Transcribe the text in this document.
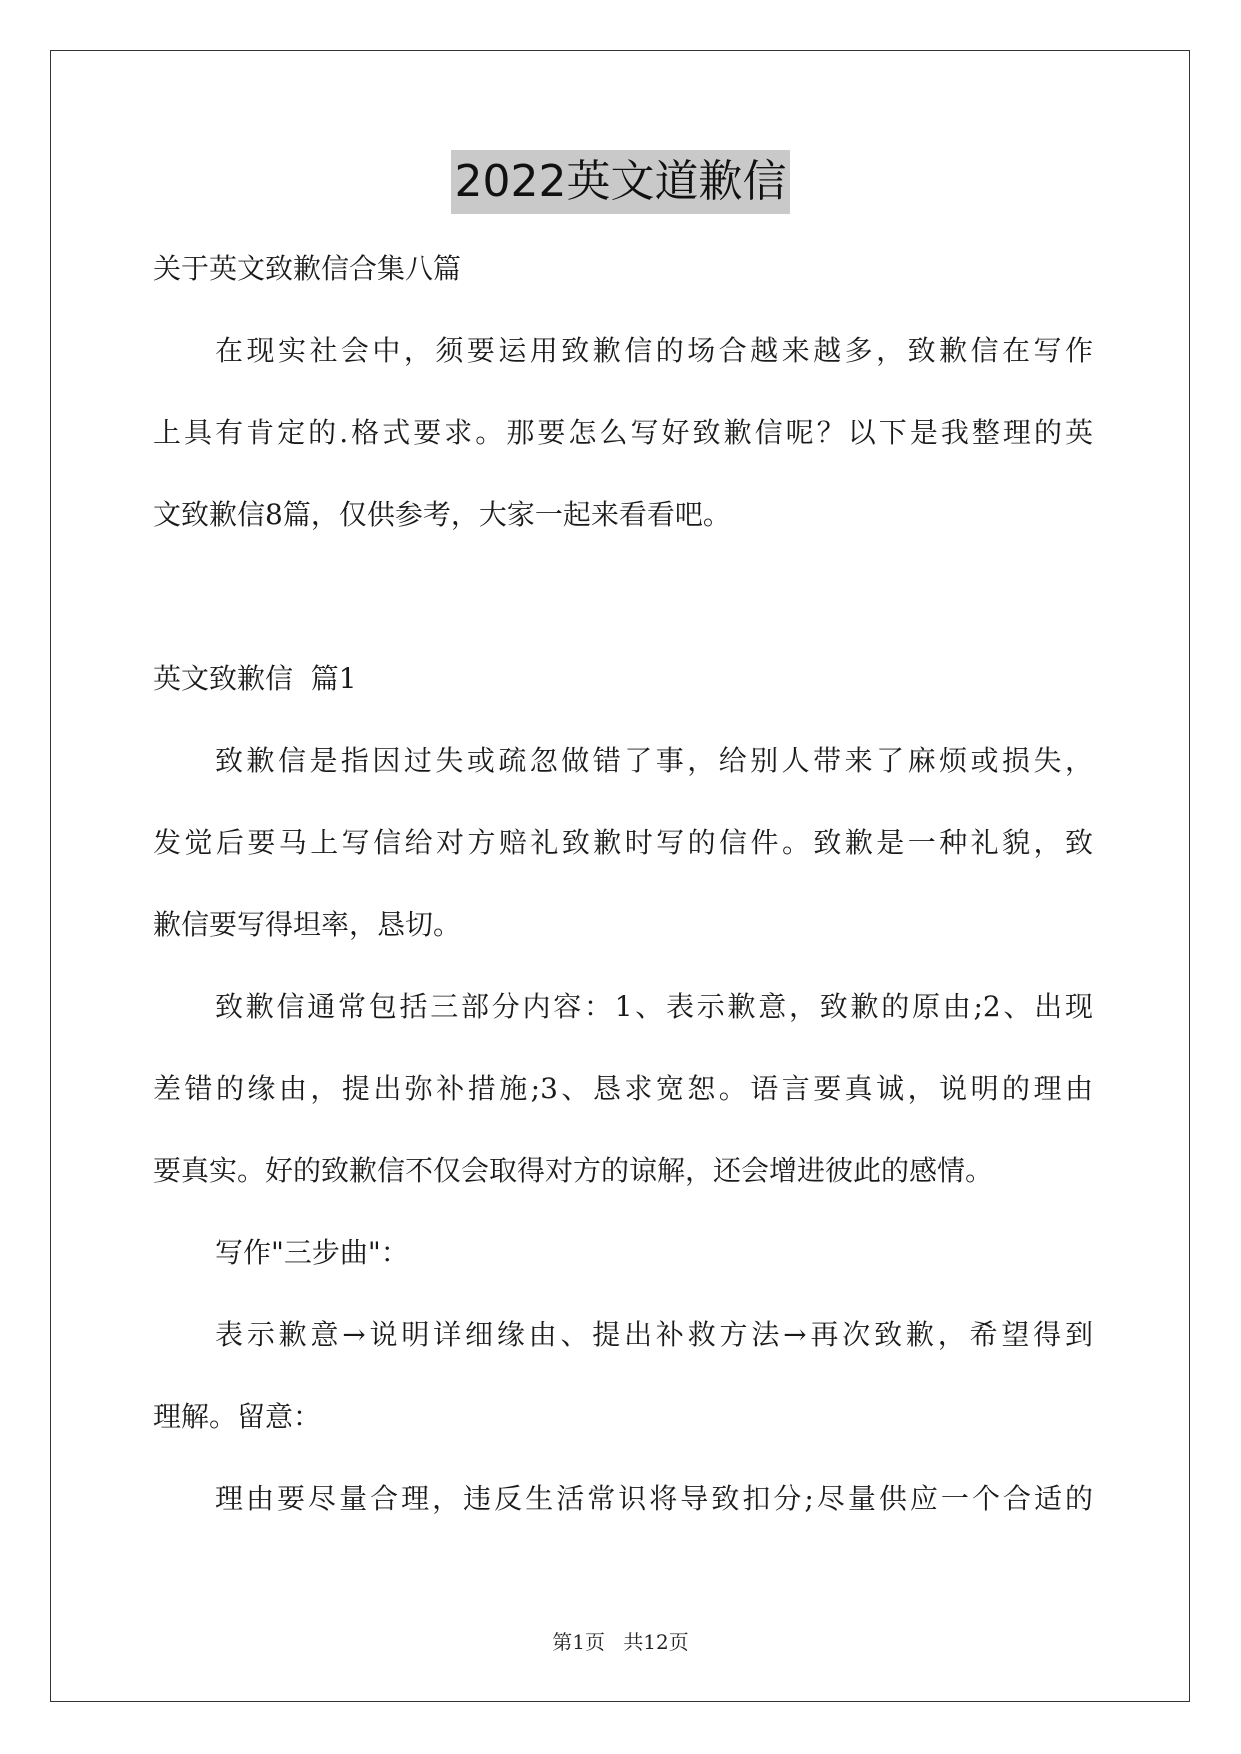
2022英文道歉信
关于英文致歉信合集八篇
在现实社会中，须要运用致歉信的场合越来越多，致歉信在写作
上具有肯定的.格式要求。那要怎么写好致歉信呢？以下是我整理的英
文致歉信8篇，仅供参考，大家一起来看看吧。
英文致歉信  篇1
致歉信是指因过失或疏忽做错了事，给别人带来了麻烦或损失，
发觉后要马上写信给对方赔礼致歉时写的信件。致歉是一种礼貌，致
歉信要写得坦率，恳切。
致歉信通常包括三部分内容：1、表示歉意，致歉的原由;2、出现
差错的缘由，提出弥补措施;3、恳求宽恕。语言要真诚，说明的理由
要真实。好的致歉信不仅会取得对方的谅解，还会增进彼此的感情。
写作"三步曲"：
表示歉意→说明详细缘由、提出补救方法→再次致歉，希望得到
理解。留意：
理由要尽量合理，违反生活常识将导致扣分;尽量供应一个合适的
第1页 共12页
